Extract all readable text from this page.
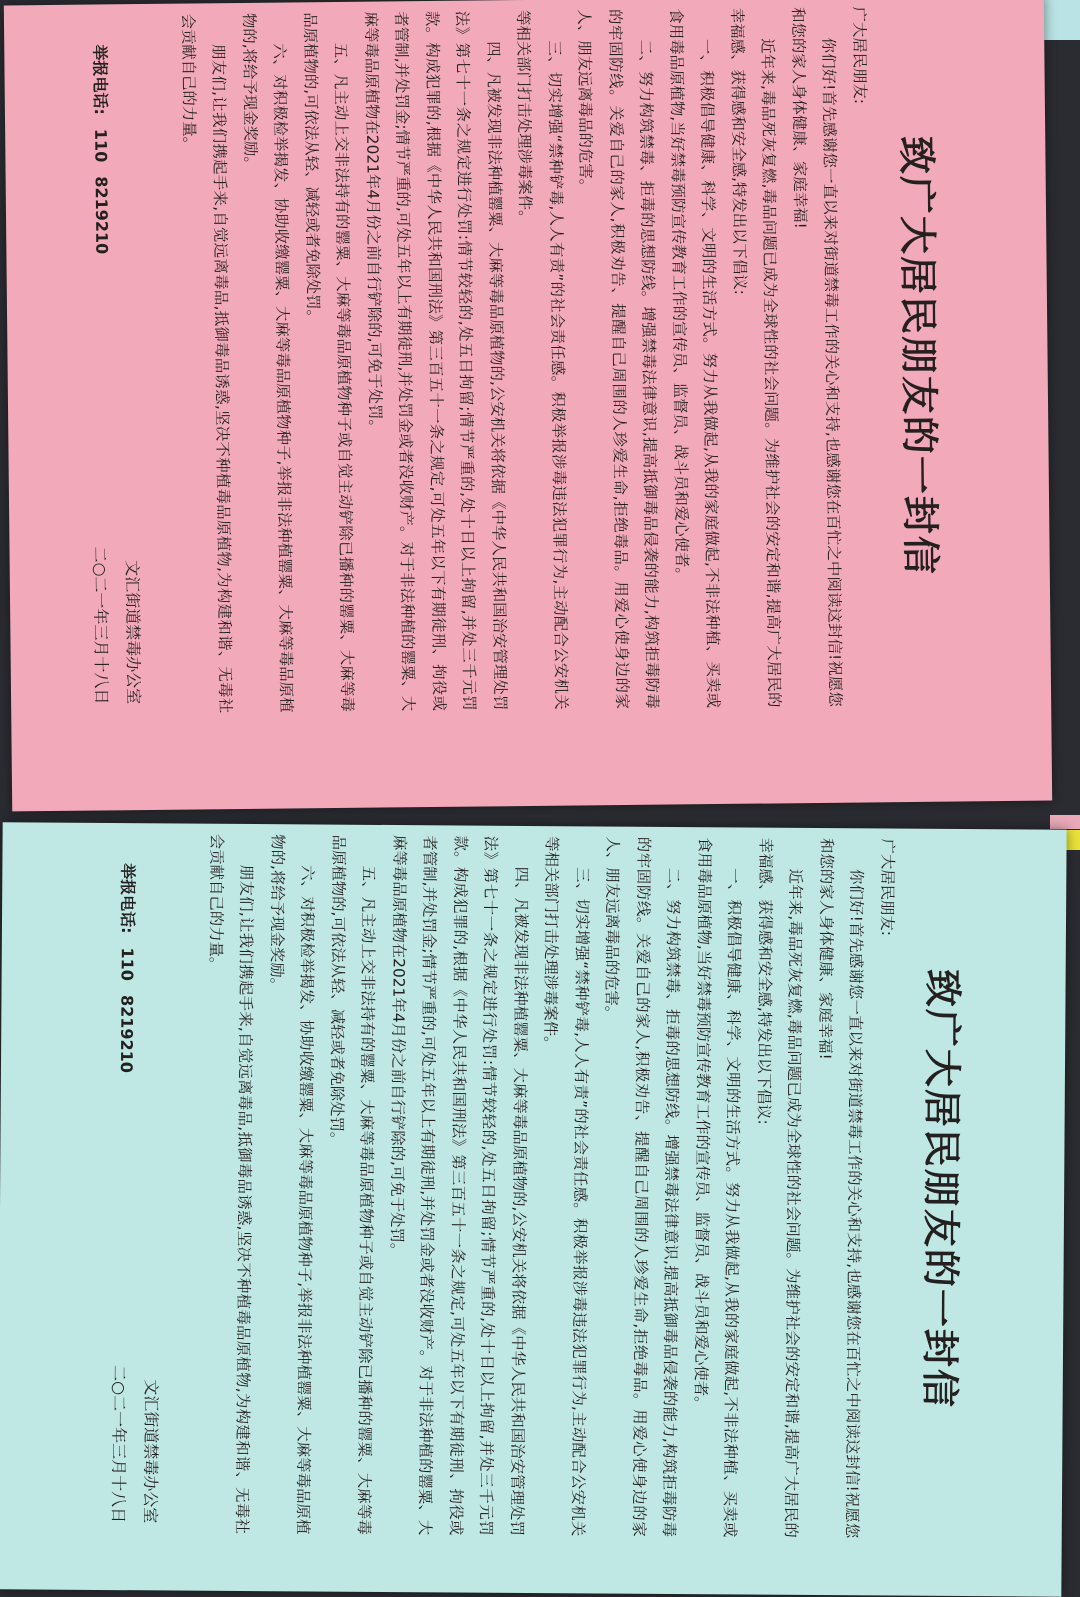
致广大居民朋友的一封信

广大居民朋友:

你们好!首先感谢您一直以来对街道禁毒工作的关心和支持,也感谢您在百忙之中阅读这封信!祝愿您和您的家人身体健康、家庭幸福!

近年来,毒品死灰复燃,毒品问题已成为全球性的社会问题。为维护社会的安定和谐,提高广大居民的幸福感、获得感和安全感,特发出以下倡议:

一、积极倡导健康、科学、文明的生活方式。努力从我做起,从我的家庭做起,不非法种植、买卖或食用毒品原植物,当好禁毒预防宣传教育工作的宣传员、监督员、战斗员和爱心使者。

二、努力构筑禁毒、拒毒的思想防线。增强禁毒法律意识,提高抵御毒品侵袭的能力,构筑拒毒防毒的牢固防线。关爱自己的家人,积极劝告、提醒自己周围的人珍爱生命,拒绝毒品。用爱心使身边的家人、朋友远离毒品的危害。

三、切实增强“禁种铲毒,人人有责”的社会责任感。积极举报涉毒违法犯罪行为,主动配合公安机关等相关部门打击处理涉毒案件。

四、凡被发现非法种植罂粟、大麻等毒品原植物的,公安机关将依据《中华人民共和国治安管理处罚法》第七十一条之规定进行处罚:情节较轻的,处五日拘留;情节严重的,处十日以上拘留,并处三千元罚款。构成犯罪的,根据《中华人民共和国刑法》第三百五十一条之规定,可处五年以下有期徒刑、拘役或者管制,并处罚金;情节严重的,可处五年以上有期徒刑,并处罚金或者没收财产。对于非法种植的罂粟、大麻等毒品原植物在2021年4月份之前自行铲除的,可免于处罚。

五、凡主动上交非法持有的罂粟、大麻等毒品原植物种子或自觉主动铲除已播种的罂粟、大麻等毒品原植物的,可依法从轻、减轻或者免除处罚。

六、对积极检举揭发、协助收缴罂粟、大麻等毒品原植物种子,举报非法种植罂粟、大麻等毒品原植物的,将给予现金奖励。

朋友们,让我们携起手来,自觉远离毒品,抵御毒品诱惑,坚决不种植毒品原植物,为构建和谐、无毒社会贡献自己的力量。

举报电话:1108219210
文汇街道禁毒办公室
二○二一年三月十八日
致广大居民朋友的一封信

广大居民朋友:

你们好!首先感谢您一直以来对街道禁毒工作的关心和支持,也感谢您在百忙之中阅读这封信!祝愿您和您的家人身体健康、家庭幸福!

近年来,毒品死灰复燃,毒品问题已成为全球性的社会问题。为维护社会的安定和谐,提高广大居民的幸福感、获得感和安全感,特发出以下倡议:

一、积极倡导健康、科学、文明的生活方式。努力从我做起,从我的家庭做起,不非法种植、买卖或食用毒品原植物,当好禁毒预防宣传教育工作的宣传员、监督员、战斗员和爱心使者。

二、努力构筑禁毒、拒毒的思想防线。增强禁毒法律意识,提高抵御毒品侵袭的能力,构筑拒毒防毒的牢固防线。关爱自己的家人,积极劝告、提醒自己周围的人珍爱生命,拒绝毒品。用爱心使身边的家人、朋友远离毒品的危害。

三、切实增强“禁种铲毒,人人有责”的社会责任感。积极举报涉毒违法犯罪行为,主动配合公安机关等相关部门打击处理涉毒案件。

四、凡被发现非法种植罂粟、大麻等毒品原植物的,公安机关将依据《中华人民共和国治安管理处罚法》第七十一条之规定进行处罚:情节较轻的,处五日拘留;情节严重的,处十日以上拘留,并处三千元罚款。构成犯罪的,根据《中华人民共和国刑法》第三百五十一条之规定,可处五年以下有期徒刑、拘役或者管制,并处罚金;情节严重的,可处五年以上有期徒刑,并处罚金或者没收财产。对于非法种植的罂粟、大麻等毒品原植物在2021年4月份之前自行铲除的,可免于处罚。

五、凡主动上交非法持有的罂粟、大麻等毒品原植物种子或自觉主动铲除已播种的罂粟、大麻等毒品原植物的,可依法从轻、减轻或者免除处罚。

六、对积极检举揭发、协助收缴罂粟、大麻等毒品原植物种子,举报非法种植罂粟、大麻等毒品原植物的,将给予现金奖励。

朋友们,让我们携起手来,自觉远离毒品,抵御毒品诱惑,坚决不种植毒品原植物,为构建和谐、无毒社会贡献自己的力量。

举报电话:1108219210
文汇街道禁毒办公室
二○二一年三月十八日
